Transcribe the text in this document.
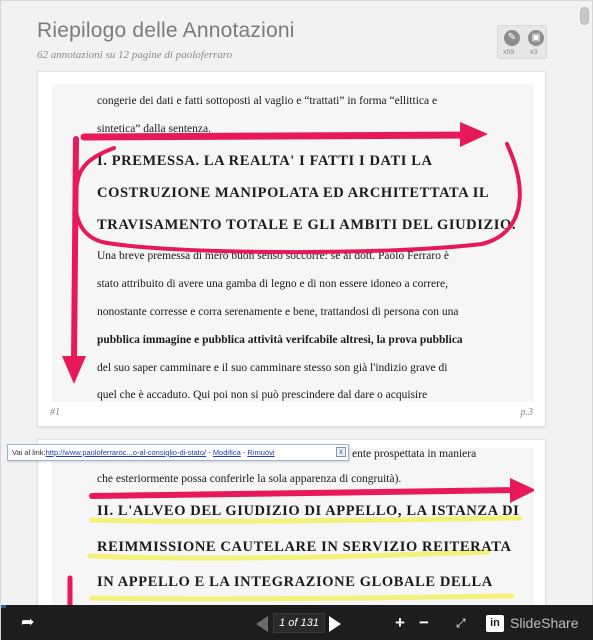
Riepilogo delle Annotazioni
62 annotazioni su 12 pagine di paoloferraro
✎	▣
x59 x3
congerie dei dati e fatti sottoposti al vaglio e “trattati” in forma “ellittica e
sintetica” dalla sentenza.
I. PREMESSA. LA REALTA' I FATTI I DATI LA
COSTRUZIONE MANIPOLATA ED ARCHITETTATA IL
TRAVISAMENTO TOTALE E GLI AMBITI DEL GIUDIZIO.
Una breve premessa di mero buon senso soccorre: se al dott. Paolo Ferraro è
stato attribuito di avere una gamba di legno e di non essere idoneo a correre,
nonostante corresse e corra serenamente e bene, trattandosi di persona con una
pubblica immagine e pubblica attività verifcabile altresì, la prova pubblica
del suo saper camminare e il suo camminare stesso son già l'indizio grave di
quel che è accaduto. Qui poi non si può prescindere dal dare o acquisire
#1	p.3
ente prospettata in maniera
che esteriormente possa conferirle la sola apparenza di congruità).
II. L'ALVEO DEL GIUDIZIO DI APPELLO, LA ISTANZA DI
REIMMISSIONE CAUTELARE IN SERVIZIO REITERATA
IN APPELLO E LA INTEGRAZIONE GLOBALE DELLA
Vai al link:http://www.paoloferraroc...o-al-consiglio-di-stato/ - Modifica - Rimuovi	x
➦	1 of 131	+ − ⤢	in SlideShare
